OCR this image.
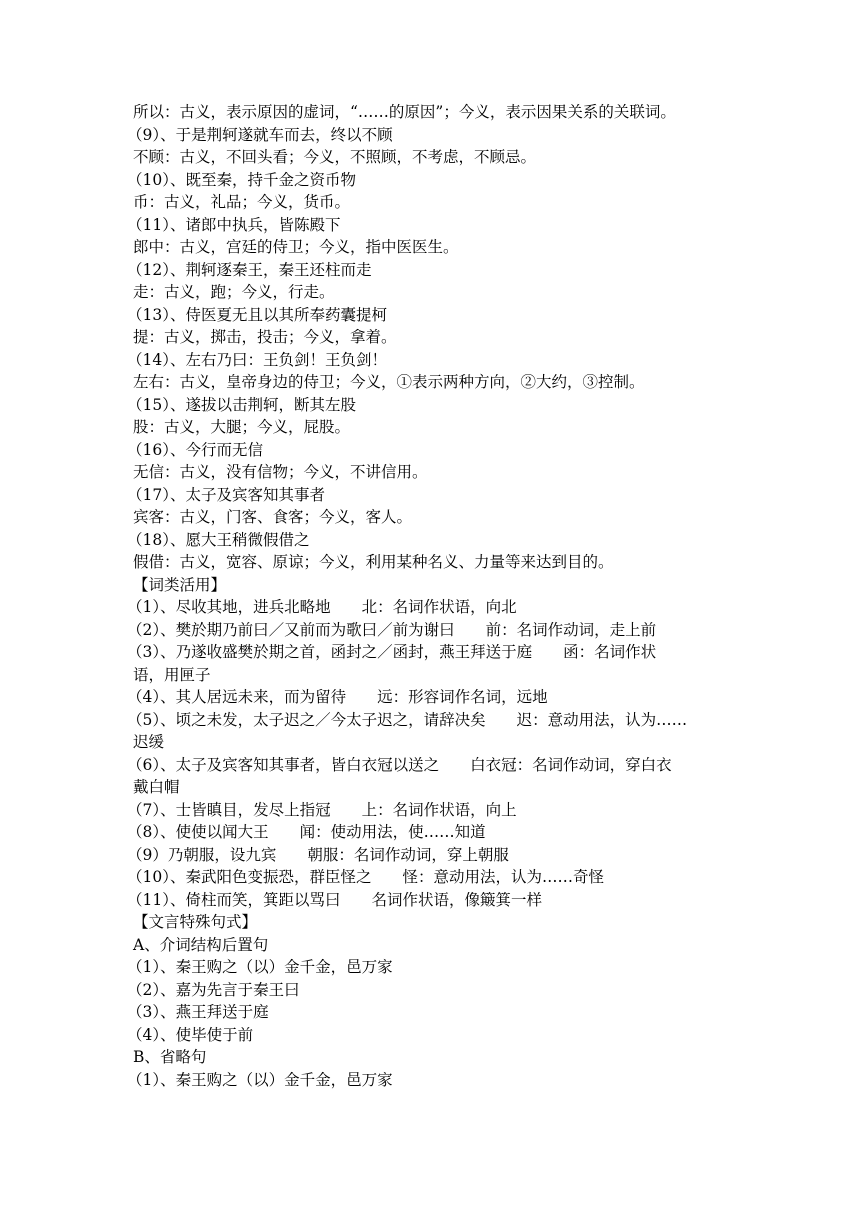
所以：古义，表示原因的虚词，“……的原因”；今义，表示因果关系的关联词。
（9）、于是荆轲遂就车而去，终以不顾
不顾：古义，不回头看；今义，不照顾，不考虑，不顾忌。
（10）、既至秦，持千金之资币物
币：古义，礼品；今义，货币。
（11）、诸郎中执兵，皆陈殿下
郎中：古义，宫廷的侍卫；今义，指中医医生。
（12）、荆轲逐秦王，秦王还柱而走
走：古义，跑；今义，行走。
（13）、侍医夏无且以其所奉药囊提柯
提：古义，掷击，投击；今义，拿着。
（14）、左右乃曰：王负剑！王负剑！
左右：古义，皇帝身边的侍卫；今义，①表示两种方向，②大约，③控制。
（15）、遂拔以击荆轲，断其左股
股：古义，大腿；今义，屁股。
（16）、今行而无信
无信：古义，没有信物；今义，不讲信用。
（17）、太子及宾客知其事者
宾客：古义，门客、食客；今义，客人。
（18）、愿大王稍微假借之
假借：古义，宽容、原谅；今义，利用某种名义、力量等来达到目的。
【词类活用】
（1）、尽收其地，进兵北略地　　北：名词作状语，向北
（2）、樊於期乃前曰／又前而为歌曰／前为谢曰　　前：名词作动词，走上前
（3）、乃遂收盛樊於期之首，函封之／函封，燕王拜送于庭　　函：名词作状
语，用匣子
（4）、其人居远未来，而为留待　　远：形容词作名词，远地
（5）、顷之未发，太子迟之／今太子迟之，请辞决矣　　迟：意动用法，认为……
迟缓
（6）、太子及宾客知其事者，皆白衣冠以送之　　白衣冠：名词作动词，穿白衣
戴白帽
（7）、士皆瞋目，发尽上指冠　　上：名词作状语，向上
（8）、使使以闻大王　　闻：使动用法，使……知道
（9）乃朝服，设九宾　　朝服：名词作动词，穿上朝服
（10）、秦武阳色变振恐，群臣怪之　　怪：意动用法，认为……奇怪
（11）、倚柱而笑，箕距以骂曰　　名词作状语，像簸箕一样
【文言特殊句式】
A、介词结构后置句
（1）、秦王购之（以）金千金，邑万家
（2）、嘉为先言于秦王曰
（3）、燕王拜送于庭
（4）、使毕使于前
B、省略句
（1）、秦王购之（以）金千金，邑万家
